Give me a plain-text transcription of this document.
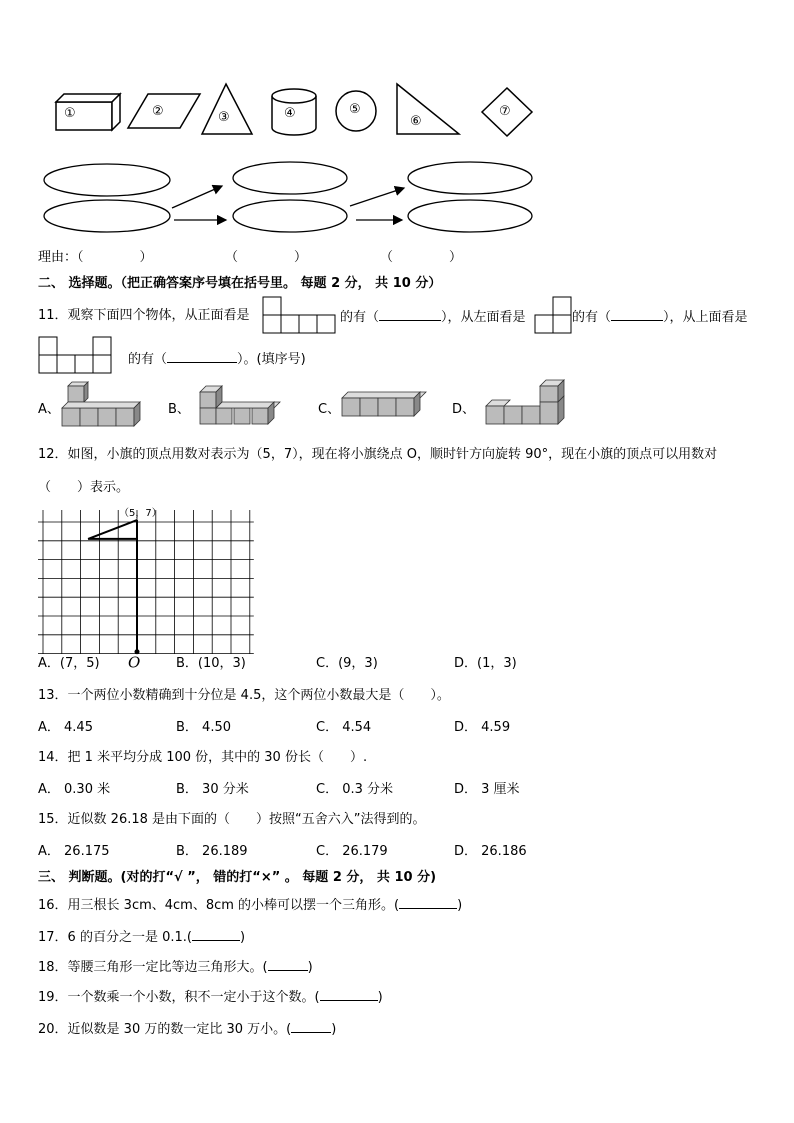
①	②	③	④	⑤
⑥
⑦
理由：（	）	（	）	（	）
二、 选择题。（把正确答案序号填在括号里。 每题 2 分， 共 10 分）
11．观察下面四个物体，从正面看是	的有（	），从左面看是	的有（	），从上面看是
的有（	）。(填序号)
A、	B、	C、	D、
12．如图，小旗的顶点用数对表示为（5，7），现在将小旗绕点 O，顺时针方向旋转 90°，现在小旗的顶点可以用数对
（　　）表示。
（5，7）
O
A．(7，5)	B．(10，3)	C．(9，3)	D．(1，3)
13．一个两位小数精确到十分位是 4.5，这个两位小数最大是（　　）。
A． 4.45	B． 4.50	C． 4.54	D． 4.59
14．把 1 米平均分成 100 份，其中的 30 份长（　　）.
A． 0.30 米	B． 30 分米	C． 0.3 分米	D． 3 厘米
15．近似数 26.18 是由下面的（　　）按照“五舍六入”法得到的。
A． 26.175	B． 26.189	C． 26.179	D． 26.186
三、 判断题。(对的打“√ ”， 错的打“×” 。 每题 2 分， 共 10 分)
16．用三根长 3cm、4cm、8cm 的小棒可以摆一个三角形。(	)
17．6 的百分之一是 0.1.(	)
18．等腰三角形一定比等边三角形大。(	)
19．一个数乘一个小数，积不一定小于这个数。(	)
20．近似数是 30 万的数一定比 30 万小。(	)
